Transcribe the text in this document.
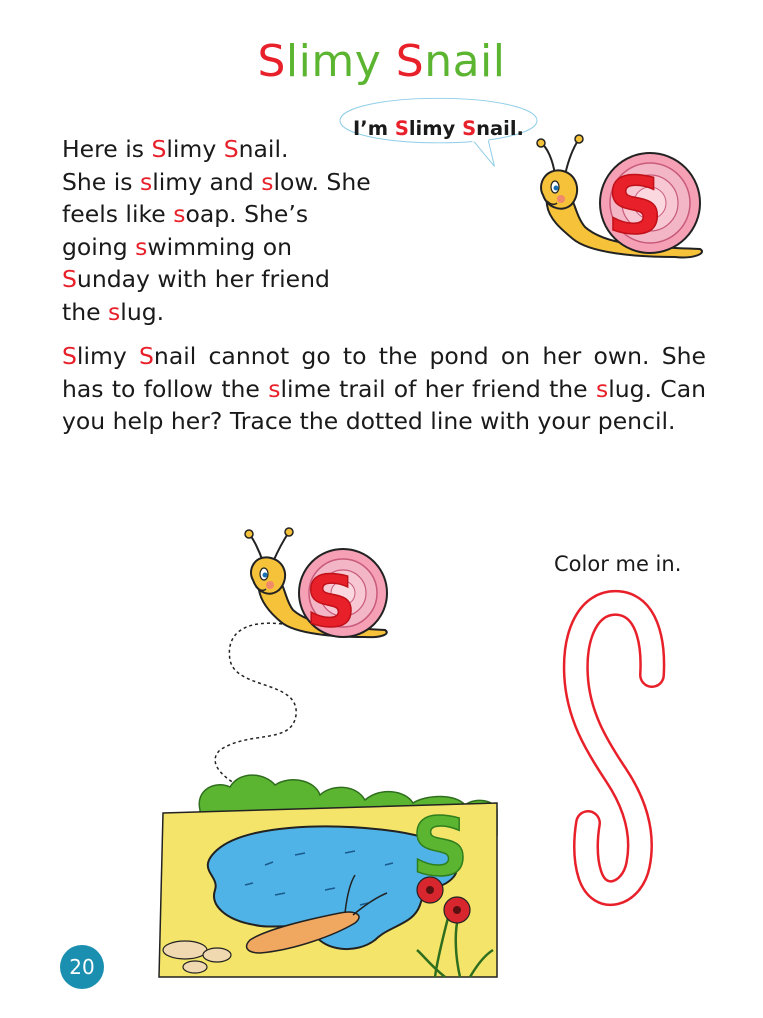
Slimy Snail
I’m Slimy Snail.
Here is Slimy Snail.
She is slimy and slow. She
feels like soap. She’s
going swimming on
Sunday with her friend
the slug.
S
Slimy Snail cannot go to the pond on her own. She has to follow the slime trail of her friend the slug. Can you help her? Trace the dotted line with your pencil.
S
S
Color me in.
20
